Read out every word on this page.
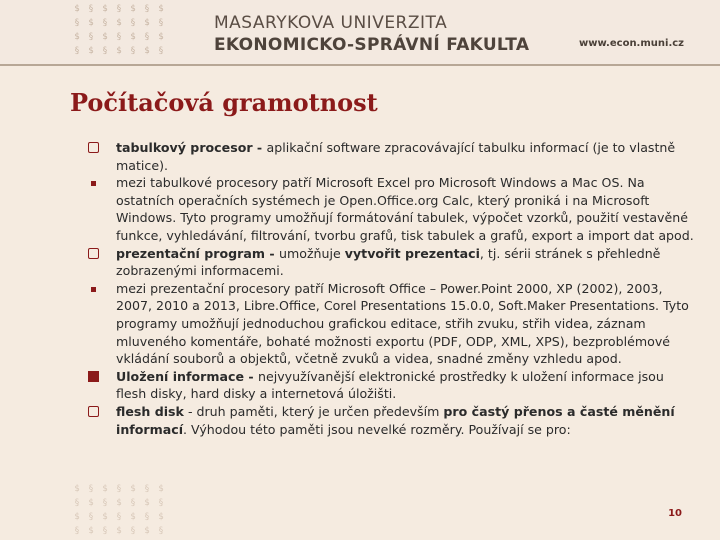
$ § $ § $ § $
§ $ § $ § $ §
$ § $ § $ § $
§ $ § $ § $ §
MASARYKOVA UNIVERZITA
EKONOMICKO-SPRÁVNÍ FAKULTA	www.econ.muni.cz
Počítačová gramotnost

tabulkový procesor - aplikační software zpracovávající tabulku informací (je to vlastně matice).

mezi tabulkové procesory patří Microsoft Excel pro Microsoft Windows a Mac OS. Na ostatních operačních systémech je Open.Office.org Calc, který proniká i na Microsoft Windows. Tyto programy umožňují formátování tabulek, výpočet vzorků, použití vestavěné funkce, vyhledávání, filtrování, tvorbu grafů, tisk tabulek a grafů, export a import dat apod.

prezentační program - umožňuje vytvořit prezentaci, tj. sérii stránek s přehledně zobrazenými informacemi.

mezi prezentační procesory patří Microsoft Office – Power.Point 2000, XP (2002), 2003, 2007, 2010 a 2013, Libre.Office, Corel Presentations 15.0.0, Soft.Maker Presentations. Tyto programy umožňují jednoduchou grafickou editace, střih zvuku, střih videa, záznam mluveného komentáře, bohaté možnosti exportu (PDF, ODP, XML, XPS), bezproblémové vkládání souborů a objektů, včetně zvuků a videa, snadné změny vzhledu apod.

Uložení informace - nejvyužívanější elektronické prostředky k uložení informace jsou flesh disky, hard disky a internetová úložišti.

flesh disk - druh paměti, který je určen především pro častý přenos a časté měnění informací. Výhodou této paměti jsou nevelké rozměry. Používají se pro:

$ § $ § $ § $
§ $ § $ § $ §
$ § $ § $ § $
§ $ § $ § $ §
10
